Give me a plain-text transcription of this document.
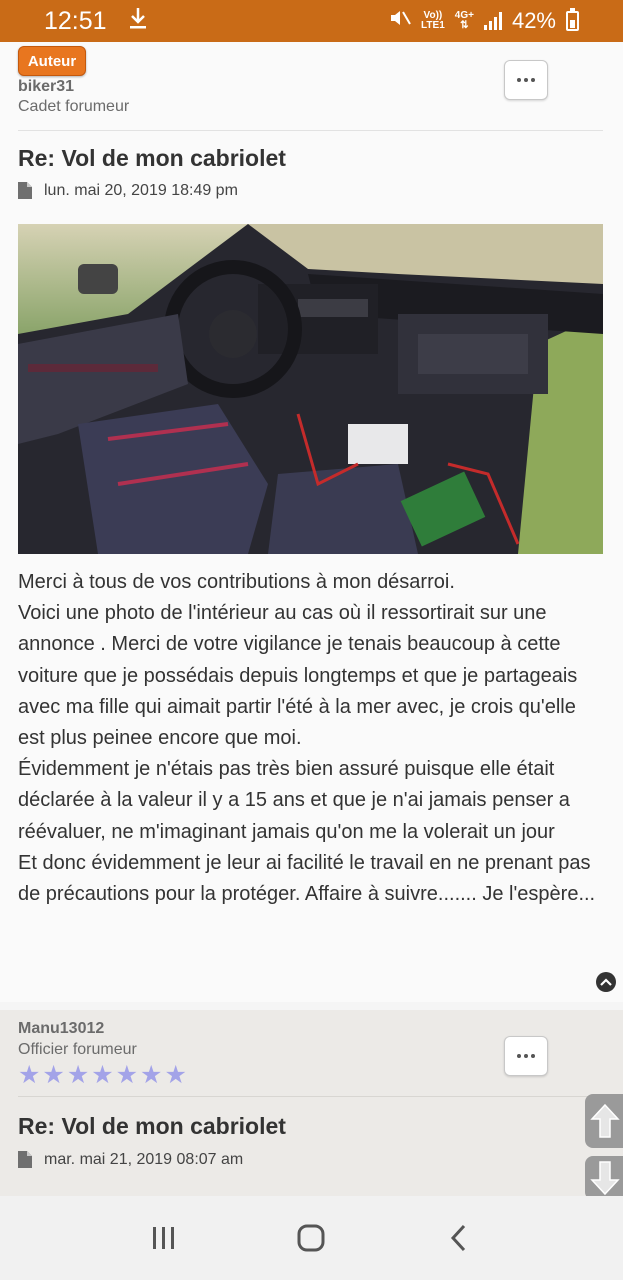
12:51	Vo))
LTE1
4G+
⇅ 42%
Auteur
biker31
Cadet forumeur
Re: Vol de mon cabriolet
lun. mai 20, 2019 18:49 pm

Merci à tous de vos contributions à mon désarroi.

Voici une photo de l'intérieur au cas où il ressortirait sur une annonce . Merci de votre vigilance je tenais beaucoup à cette voiture que je possédais depuis longtemps et que je partageais avec ma fille qui aimait partir l'été à la mer avec, je crois qu'elle est plus peinee encore que moi.

Évidemment je n'étais pas très bien assuré puisque elle était déclarée à la valeur il y a 15 ans et que je n'ai jamais penser a réévaluer, ne m'imaginant jamais qu'on me la volerait un jour

Et donc évidemment je leur ai facilité le travail en ne prenant pas de précautions pour la protéger. Affaire à suivre....... Je l'espère...

Manu13012
Officier forumeur
★★★★★★★
Re: Vol de mon cabriolet
mar. mai 21, 2019 08:07 am
